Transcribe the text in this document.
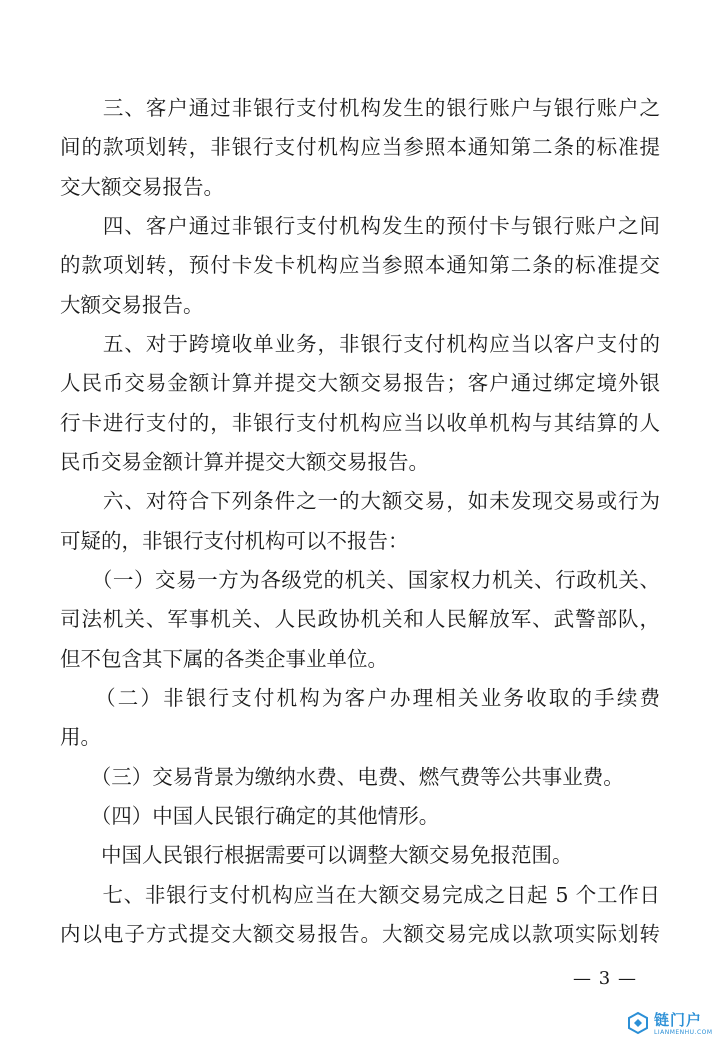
　　三、客户通过非银行支付机构发生的银行账户与银行账户之
间的款项划转，非银行支付机构应当参照本通知第二条的标准提
交大额交易报告。
　　四、客户通过非银行支付机构发生的预付卡与银行账户之间
的款项划转，预付卡发卡机构应当参照本通知第二条的标准提交
大额交易报告。
　　五、对于跨境收单业务，非银行支付机构应当以客户支付的
人民币交易金额计算并提交大额交易报告；客户通过绑定境外银
行卡进行支付的，非银行支付机构应当以收单机构与其结算的人
民币交易金额计算并提交大额交易报告。
　　六、对符合下列条件之一的大额交易，如未发现交易或行为
可疑的，非银行支付机构可以不报告：
　　（一）交易一方为各级党的机关、国家权力机关、行政机关、
司法机关、军事机关、人民政协机关和人民解放军、武警部队，
但不包含其下属的各类企事业单位。
　　（二）非银行支付机构为客户办理相关业务收取的手续费
用。
　　（三）交易背景为缴纳水费、电费、燃气费等公共事业费。
　　（四）中国人民银行确定的其他情形。
　　中国人民银行根据需要可以调整大额交易免报范围。
　　七、非银行支付机构应当在大额交易完成之日起 5 个工作日
内以电子方式提交大额交易报告。大额交易完成以款项实际划转
— 3 —
链门户
LIANMENHU.COM
